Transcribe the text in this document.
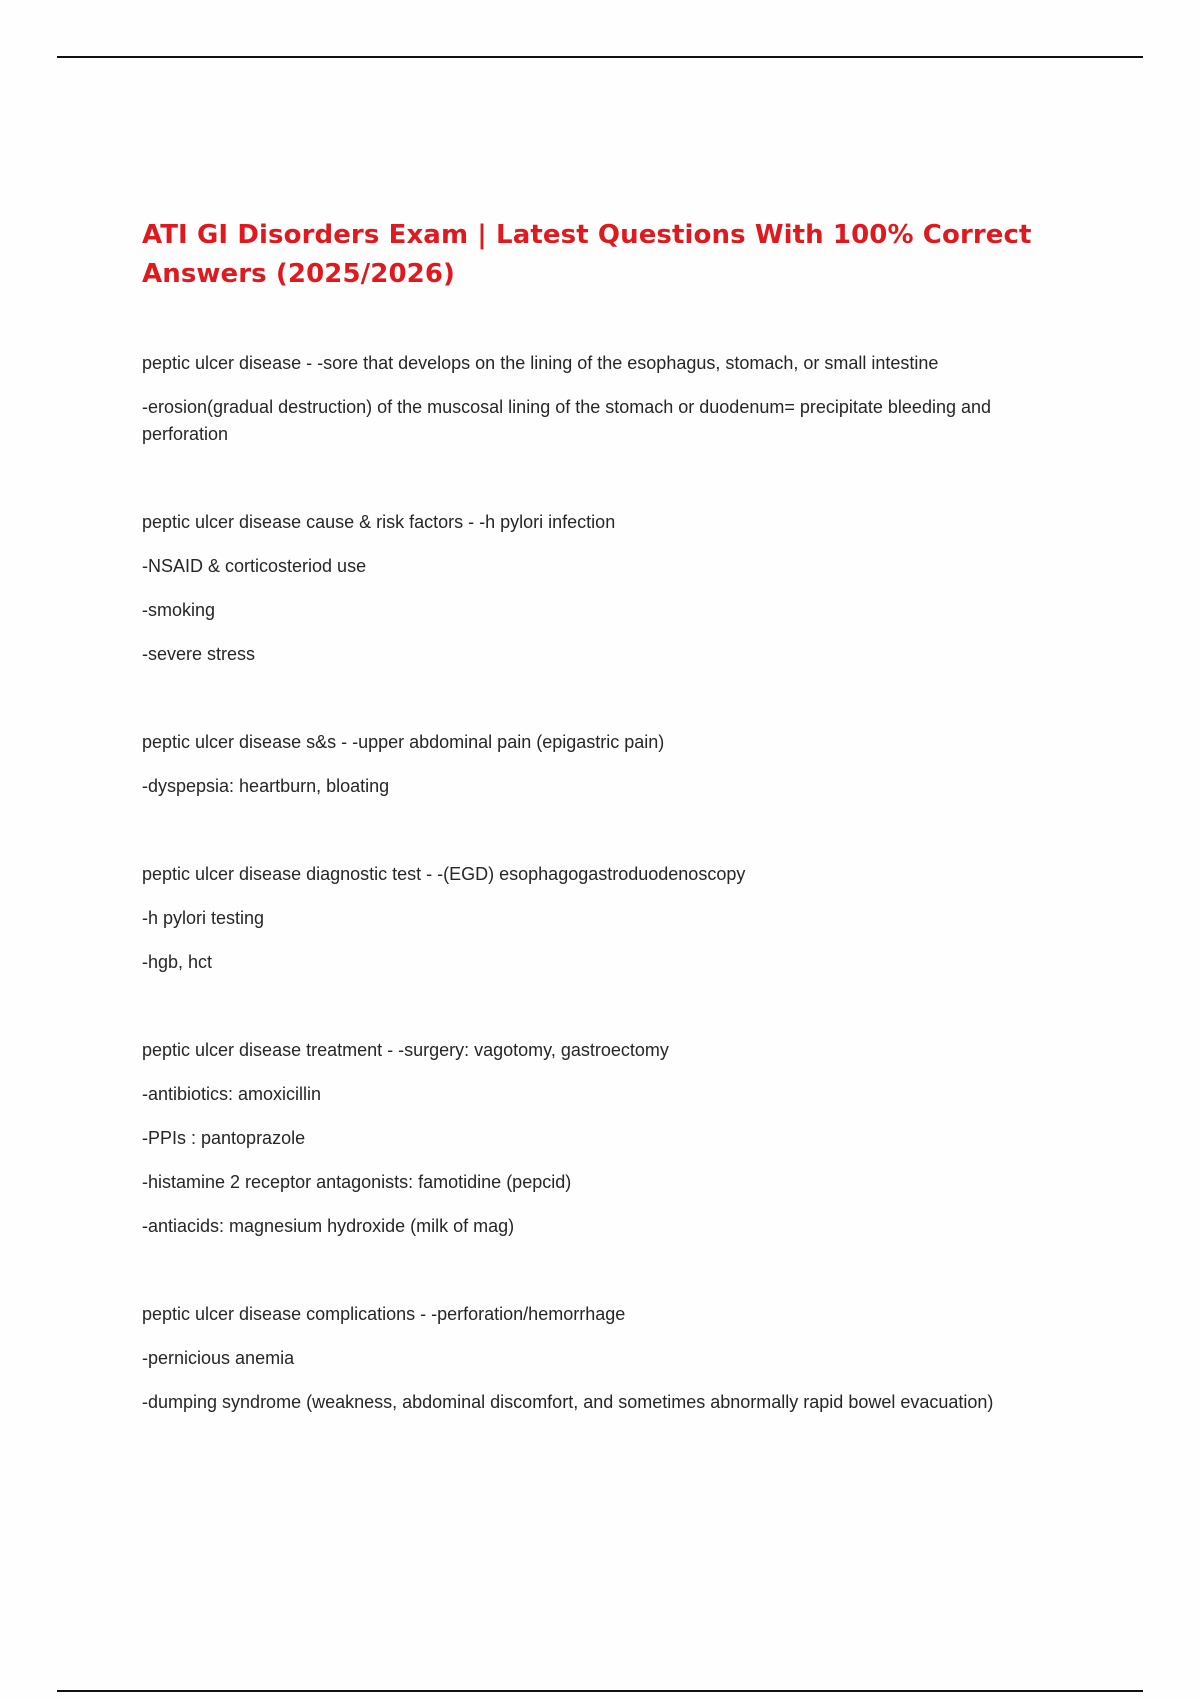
ATI GI Disorders Exam | Latest Questions With 100% Correct Answers (2025/2026)

peptic ulcer disease - -sore that develops on the lining of the esophagus, stomach, or small intestine

-erosion(gradual destruction) of the muscosal lining of the stomach or duodenum= precipitate bleeding and perforation

peptic ulcer disease cause & risk factors - -h pylori infection

-NSAID & corticosteriod use

-smoking

-severe stress

peptic ulcer disease s&s - -upper abdominal pain (epigastric pain)

-dyspepsia: heartburn, bloating

peptic ulcer disease diagnostic test - -(EGD) esophagogastroduodenoscopy

-h pylori testing

-hgb, hct

peptic ulcer disease treatment - -surgery: vagotomy, gastroectomy

-antibiotics: amoxicillin

-PPIs : pantoprazole

-histamine 2 receptor antagonists: famotidine (pepcid)

-antiacids: magnesium hydroxide (milk of mag)

peptic ulcer disease complications - -perforation/hemorrhage

-pernicious anemia

-dumping syndrome (weakness, abdominal discomfort, and sometimes abnormally rapid bowel evacuation)
